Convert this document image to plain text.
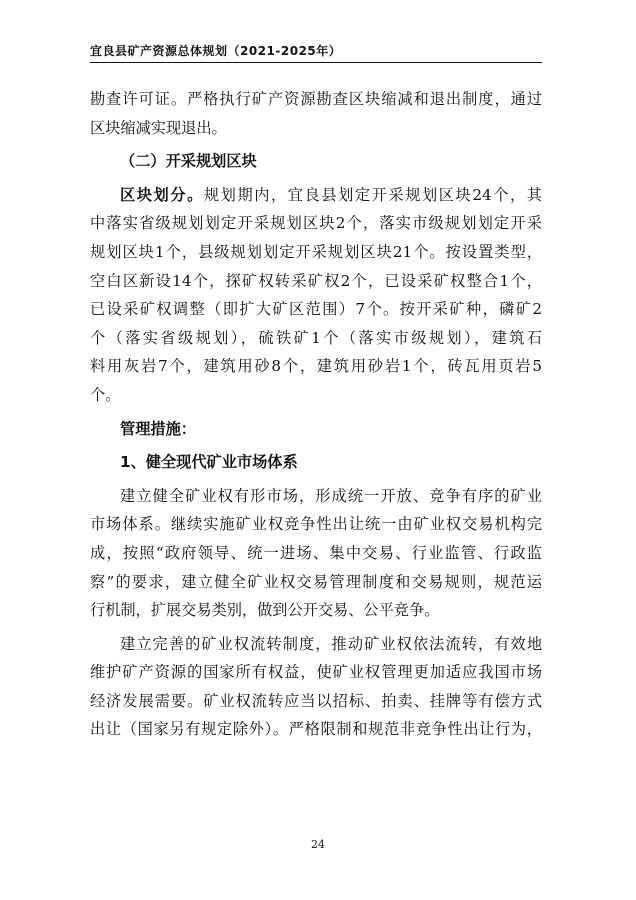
宜良县矿产资源总体规划（2021-2025年）
勘查许可证。严格执行矿产资源勘查区块缩减和退出制度，通过
区块缩减实现退出。
（二）开采规划区块
区块划分。规划期内，宜良县划定开采规划区块24个，其
中落实省级规划划定开采规划区块2个，落实市级规划划定开采
规划区块1个，县级规划划定开采规划区块21个。按设置类型，
空白区新设14个，探矿权转采矿权2个，已设采矿权整合1个，
已设采矿权调整（即扩大矿区范围）7个。按开采矿种，磷矿2
个（落实省级规划），硫铁矿1个（落实市级规划），建筑石
料用灰岩7个，建筑用砂8个，建筑用砂岩1个，砖瓦用页岩5
个。
管理措施：
1、健全现代矿业市场体系
建立健全矿业权有形市场，形成统一开放、竞争有序的矿业
市场体系。继续实施矿业权竞争性出让统一由矿业权交易机构完
成，按照“政府领导、统一进场、集中交易、行业监管、行政监
察”的要求，建立健全矿业权交易管理制度和交易规则，规范运
行机制，扩展交易类别，做到公开交易、公平竞争。
建立完善的矿业权流转制度，推动矿业权依法流转，有效地
维护矿产资源的国家所有权益，使矿业权管理更加适应我国市场
经济发展需要。矿业权流转应当以招标、拍卖、挂牌等有偿方式
出让（国家另有规定除外）。严格限制和规范非竞争性出让行为，
24
